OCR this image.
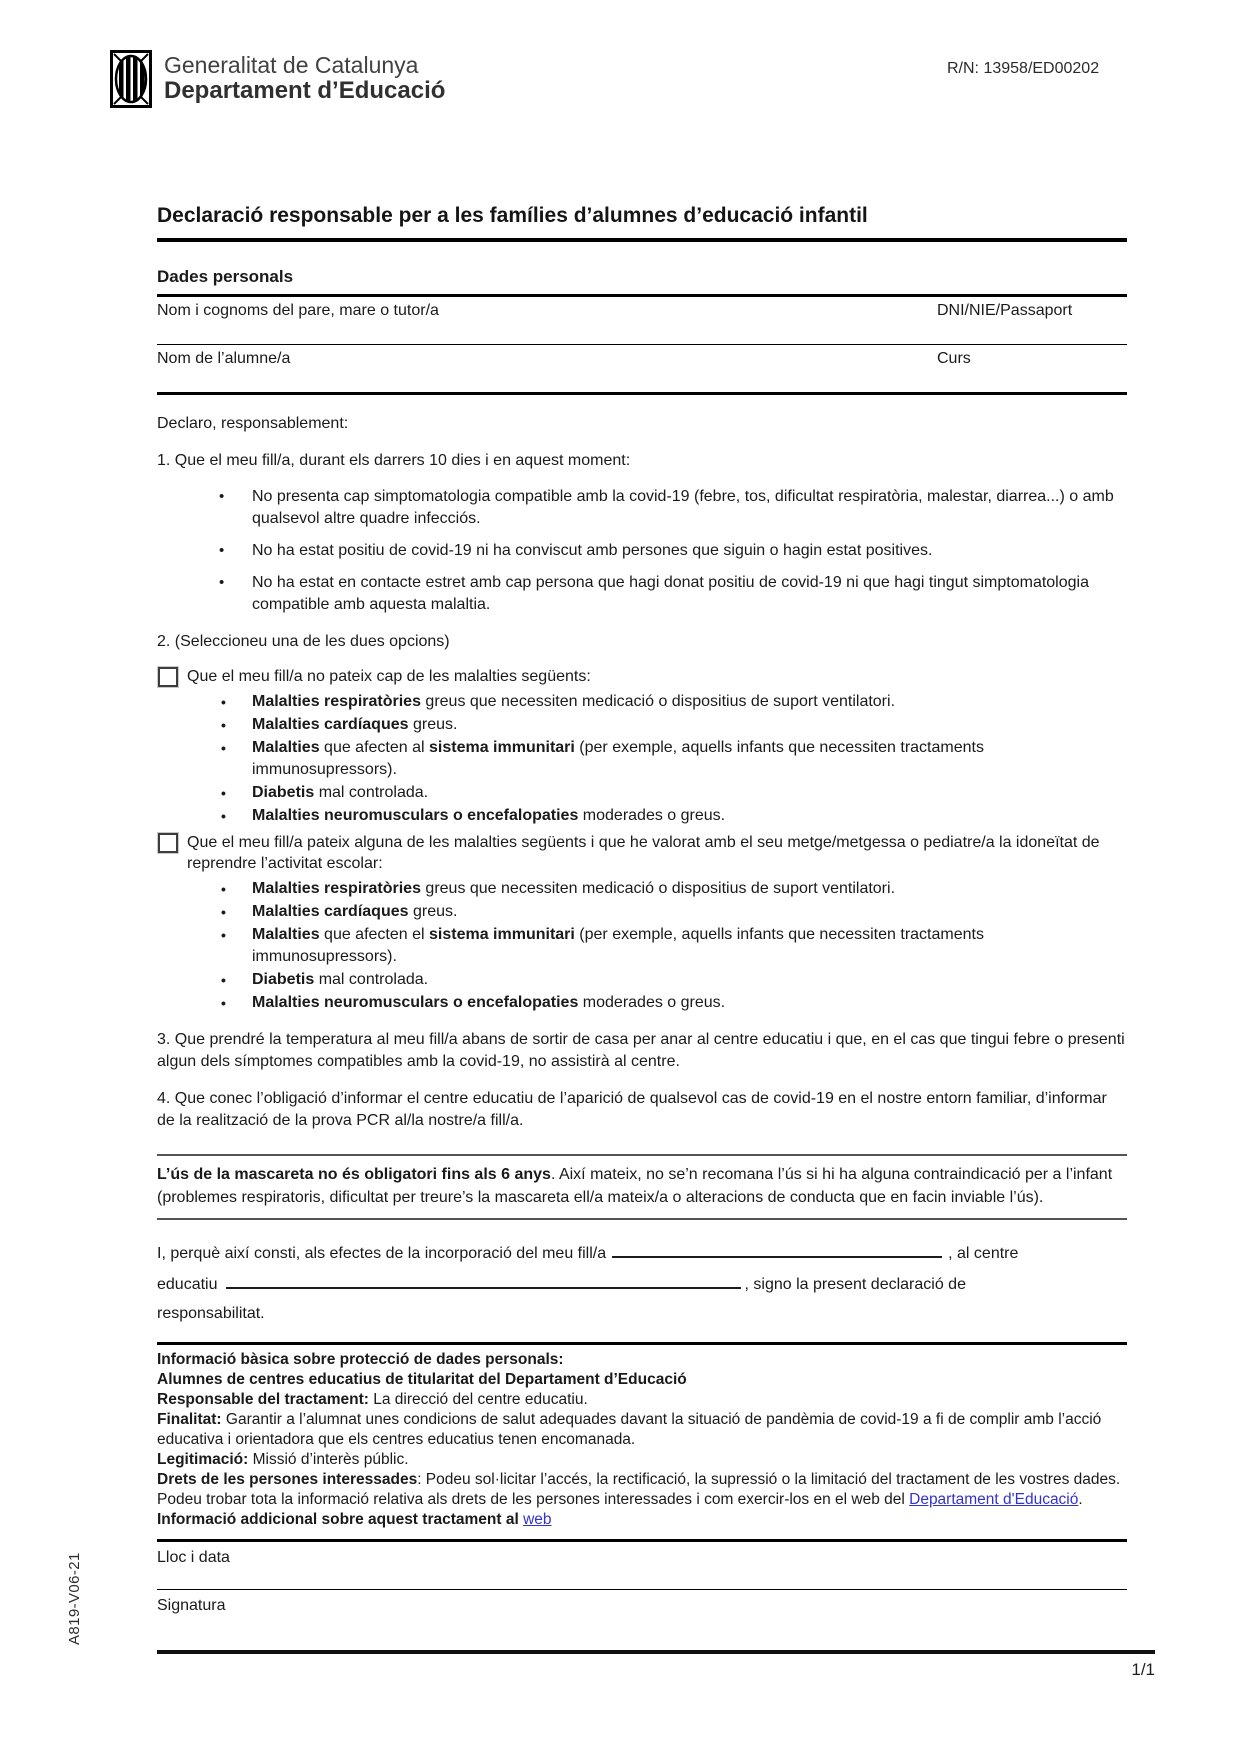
Generalitat de Catalunya
Departament d’Educació
R/N: 13958/ED00202
Declaració responsable per a les famílies d’alumnes d’educació infantil
Dades personals
Nom i cognoms del pare, mare o tutor/a	DNI/NIE/Passaport
Nom de l’alumne/a	Curs

Declaro, responsablement:

1. Que el meu fill/a, durant els darrers 10 dies i en aquest moment:

• No presenta cap simptomatologia compatible amb la covid-19 (febre, tos, dificultat respiratòria, malestar, diarrea...) o amb qualsevol altre quadre infecciós.
• No ha estat positiu de covid-19 ni ha conviscut amb persones que siguin o hagin estat positives.
• No ha estat en contacte estret amb cap persona que hagi donat positiu de covid-19 ni que hagi tingut simptomatologia compatible amb aquesta malaltia.

2. (Seleccioneu una de les dues opcions)

Que el meu fill/a no pateix cap de les malalties següents:
• Malalties respiratòries greus que necessiten medicació o dispositius de suport ventilatori.
• Malalties cardíaques greus.
• Malalties que afecten al sistema immunitari (per exemple, aquells infants que necessiten tractaments immunosupressors).
• Diabetis mal controlada.
• Malalties neuromusculars o encefalopaties moderades o greus.
Que el meu fill/a pateix alguna de les malalties següents i que he valorat amb el seu metge/metgessa o pediatre/a la idoneïtat de reprendre l’activitat escolar:
• Malalties respiratòries greus que necessiten medicació o dispositius de suport ventilatori.
• Malalties cardíaques greus.
• Malalties que afecten el sistema immunitari (per exemple, aquells infants que necessiten tractaments immunosupressors).
• Diabetis mal controlada.
• Malalties neuromusculars o encefalopaties moderades o greus.

3. Que prendré la temperatura al meu fill/a abans de sortir de casa per anar al centre educatiu i que, en el cas que tingui febre o presenti algun dels símptomes compatibles amb la covid-19, no assistirà al centre.

4. Que conec l’obligació d’informar el centre educatiu de l’aparició de qualsevol cas de covid-19 en el nostre entorn familiar, d’informar de la realització de la prova PCR al/la nostre/a fill/a.

L’ús de la mascareta no és obligatori fins als 6 anys. Així mateix, no se’n recomana l’ús si hi ha alguna contraindicació per a l’infant (problemes respiratoris, dificultat per treure’s la mascareta ell/a mateix/a o alteracions de conducta que en facin inviable l’ús).
I, perquè així consti, als efectes de la incorporació del meu fill/a	, al centre
educatiu	, signo la present declaració de
responsabilitat.
Informació bàsica sobre protecció de dades personals:
Alumnes de centres educatius de titularitat del Departament d’Educació
Responsable del tractament: La direcció del centre educatiu.
Finalitat: Garantir a l’alumnat unes condicions de salut adequades davant la situació de pandèmia de covid-19 a fi de complir amb l’acció educativa i orientadora que els centres educatius tenen encomanada.
Legitimació: Missió d’interès públic.
Drets de les persones interessades: Podeu sol·licitar l’accés, la rectificació, la supressió o la limitació del tractament de les vostres dades. Podeu trobar tota la informació relativa als drets de les persones interessades i com exercir-los en el web del Departament d'Educació.
Informació addicional sobre aquest tractament al web
Lloc i data
Signatura
A819-V06-21
1/1
